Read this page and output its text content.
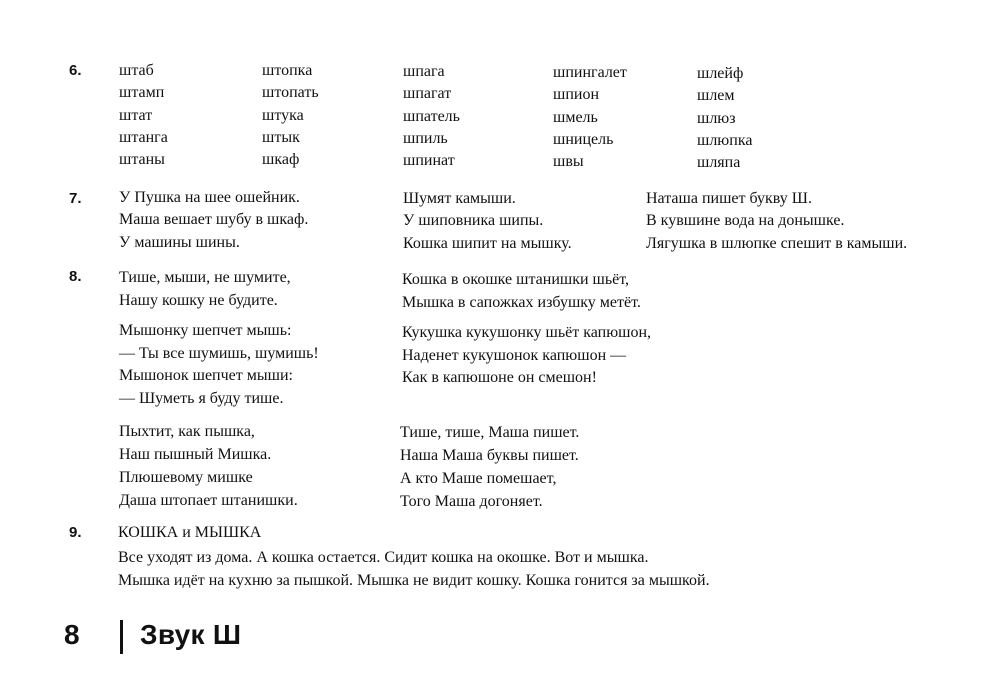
6. штаб
штамп
штат
штанга
штаны
штопка
штопать
штука
штык
шкаф
шпага
шпагат
шпатель
шпиль
шпинат
шпингалет
шпион
шмель
шницель
швы
шлейф
шлем
шлюз
шлюпка
шляпа
7. У Пушка на шее ошейник.
Маша вешает шубу в шкаф.
У машины шины.
Шумят камыши.
У шиповника шипы.
Кошка шипит на мышку.
Наташа пишет букву Ш.
В кувшине вода на донышке.
Лягушка в шлюпке спешит в камыши.
8. Тише, мыши, не шумите,
Нашу кошку не будите.
Мышонку шепчет мышь:
— Ты все шумишь, шумишь!
Мышонок шепчет мыши:
— Шуметь я буду тише.
Пыхтит, как пышка,
Наш пышный Мишка.
Плюшевому мишке
Даша штопает штанишки.
Кошка в окошке штанишки шьёт,
Мышка в сапожках избушку метёт.
Кукушка кукушонку шьёт капюшон,
Наденет кукушонок капюшон —
Как в капюшоне он смешон!
Тише, тише, Маша пишет.
Наша Маша буквы пишет.
А кто Маше помешает,
Того Маша догоняет.
9. КОШКА и МЫШКА
Все уходят из дома. А кошка остается. Сидит кошка на окошке. Вот и мышка.
Мышка идёт на кухню за пышкой. Мышка не видит кошку. Кошка гонится за мышкой.
8 Звук Ш
